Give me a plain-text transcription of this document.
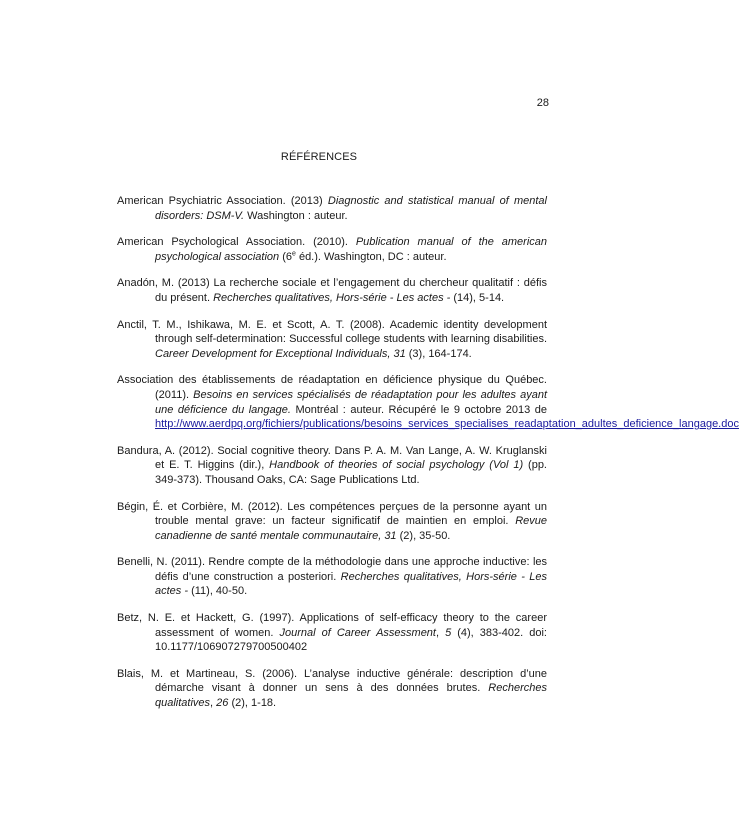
28
RÉFÉRENCES

American Psychiatric Association. (2013) Diagnostic and statistical manual of mental disorders: DSM-V. Washington : auteur.

American Psychological Association. (2010). Publication manual of the american psychological association (6e éd.). Washington, DC : auteur.

Anadón, M. (2013) La recherche sociale et l’engagement du chercheur qualitatif : défis du présent. Recherches qualitatives, Hors-série - Les actes - (14), 5-14.

Anctil, T. M., Ishikawa, M. E. et Scott, A. T. (2008). Academic identity development through self-determination: Successful college students with learning disabilities. Career Development for Exceptional Individuals, 31 (3), 164-174.

Association des établissements de réadaptation en déficience physique du Québec. (2011). Besoins en services spécialisés de réadaptation pour les adultes ayant une déficience du langage. Montréal : auteur. Récupéré le 9 octobre 2013 de http://www.aerdpq.org/fichiers/publications/besoins_services_specialises_readaptation_adultes_deficience_langage.doc

Bandura, A. (2012). Social cognitive theory. Dans P. A. M. Van Lange, A. W. Kruglanski et E. T. Higgins (dir.), Handbook of theories of social psychology (Vol 1) (pp. 349-373). Thousand Oaks, CA: Sage Publications Ltd.

Bégin, É. et Corbière, M. (2012). Les compétences perçues de la personne ayant un trouble mental grave: un facteur significatif de maintien en emploi. Revue canadienne de santé mentale communautaire, 31 (2), 35-50.

Benelli, N. (2011). Rendre compte de la méthodologie dans une approche inductive: les défis d’une construction a posteriori. Recherches qualitatives, Hors-série - Les actes - (11), 40-50.

Betz, N. E. et Hackett, G. (1997). Applications of self-efficacy theory to the career assessment of women. Journal of Career Assessment, 5 (4), 383-402. doi: 10.1177/106907279700500402

Blais, M. et Martineau, S. (2006). L’analyse inductive générale: description d’une démarche visant à donner un sens à des données brutes. Recherches qualitatives, 26 (2), 1-18.
